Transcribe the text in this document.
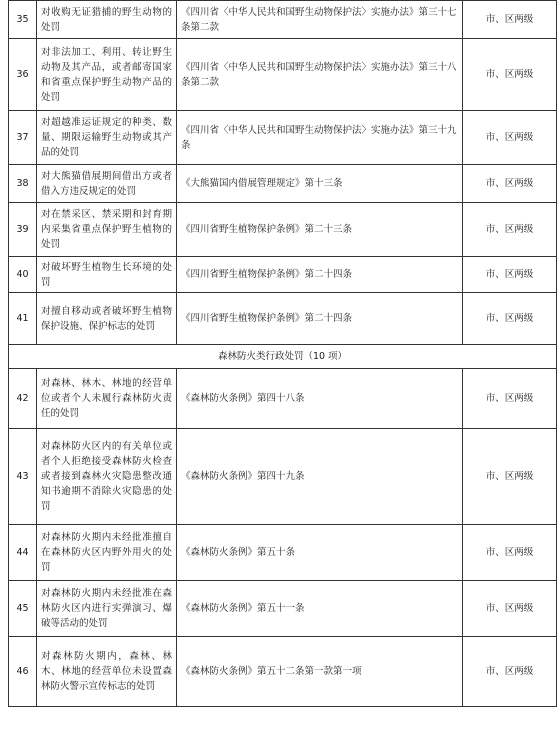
35	对收购无证猎捕的野生动物的处罚	《四川省〈中华人民共和国野生动物保护法〉实施办法》第三十七条第二款	市、区两级
36	对非法加工、利用、转让野生动物及其产品，或者邮寄国家和省重点保护野生动物产品的处罚	《四川省〈中华人民共和国野生动物保护法〉实施办法》第三十八条第二款	市、区两级
37	对超越准运证规定的种类、数量、期限运输野生动物或其产品的处罚	《四川省〈中华人民共和国野生动物保护法〉实施办法》第三十九条	市、区两级
38	对大熊猫借展期间借出方或者借入方违反规定的处罚	《大熊猫国内借展管理规定》第十三条	市、区两级
39	对在禁采区、禁采期和封育期内采集省重点保护野生植物的处罚	《四川省野生植物保护条例》第二十三条	市、区两级
40	对破坏野生植物生长环境的处罚	《四川省野生植物保护条例》第二十四条	市、区两级
41	对擅自移动或者破坏野生植物保护设施、保护标志的处罚	《四川省野生植物保护条例》第二十四条	市、区两级
森林防火类行政处罚（10 项）			
42	对森林、林木、林地的经营单位或者个人未履行森林防火责任的处罚	《森林防火条例》第四十八条	市、区两级
43	对森林防火区内的有关单位或者个人拒绝接受森林防火检查或者接到森林火灾隐患整改通知书逾期不消除火灾隐患的处罚	《森林防火条例》第四十九条	市、区两级
44	对森林防火期内未经批准擅自在森林防火区内野外用火的处罚	《森林防火条例》第五十条	市、区两级
45	对森林防火期内未经批准在森林防火区内进行实弹演习、爆破等活动的处罚	《森林防火条例》第五十一条	市、区两级
46	对森林防火期内，森林、林木、林地的经营单位未设置森林防火警示宣传标志的处罚	《森林防火条例》第五十二条第一款第一项	市、区两级
